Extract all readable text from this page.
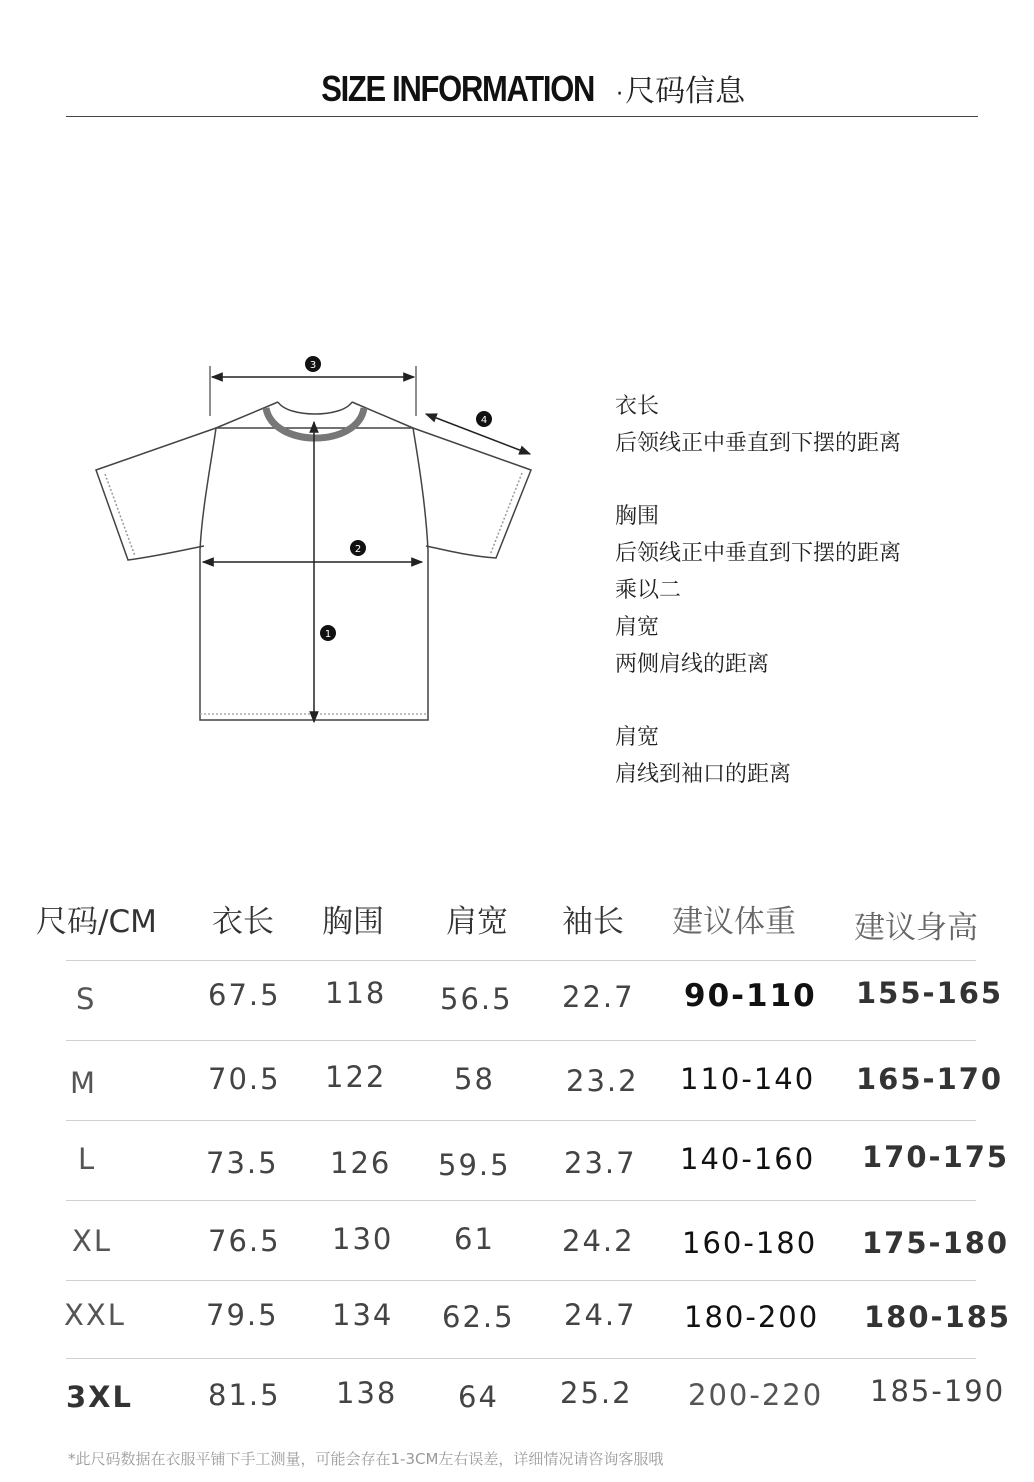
SIZE INFORMATION ·尺码信息
3
4
2
1

衣长

后领线正中垂直到下摆的距离

胸围

后领线正中垂直到下摆的距离

乘以二

肩宽

两侧肩线的距离

肩宽

肩线到袖口的距离

尺码/CM 衣长 胸围 肩宽 袖长 建议体重 建议身高
S	67.5 118 56.5 22.7 90-110 155-165
M	70.5 122 58 23.2 110-140 165-170
L	73.5 126 59.5 23.7 140-160 170-175
XL	76.5 130 61 24.2 160-180 175-180
XXL	79.5 134 62.5 24.7 180-200 180-185
3XL	81.5 138 64 25.2 200-220 185-190
*此尺码数据在衣服平铺下手工测量，可能会存在1-3CM左右误差，详细情况请咨询客服哦
